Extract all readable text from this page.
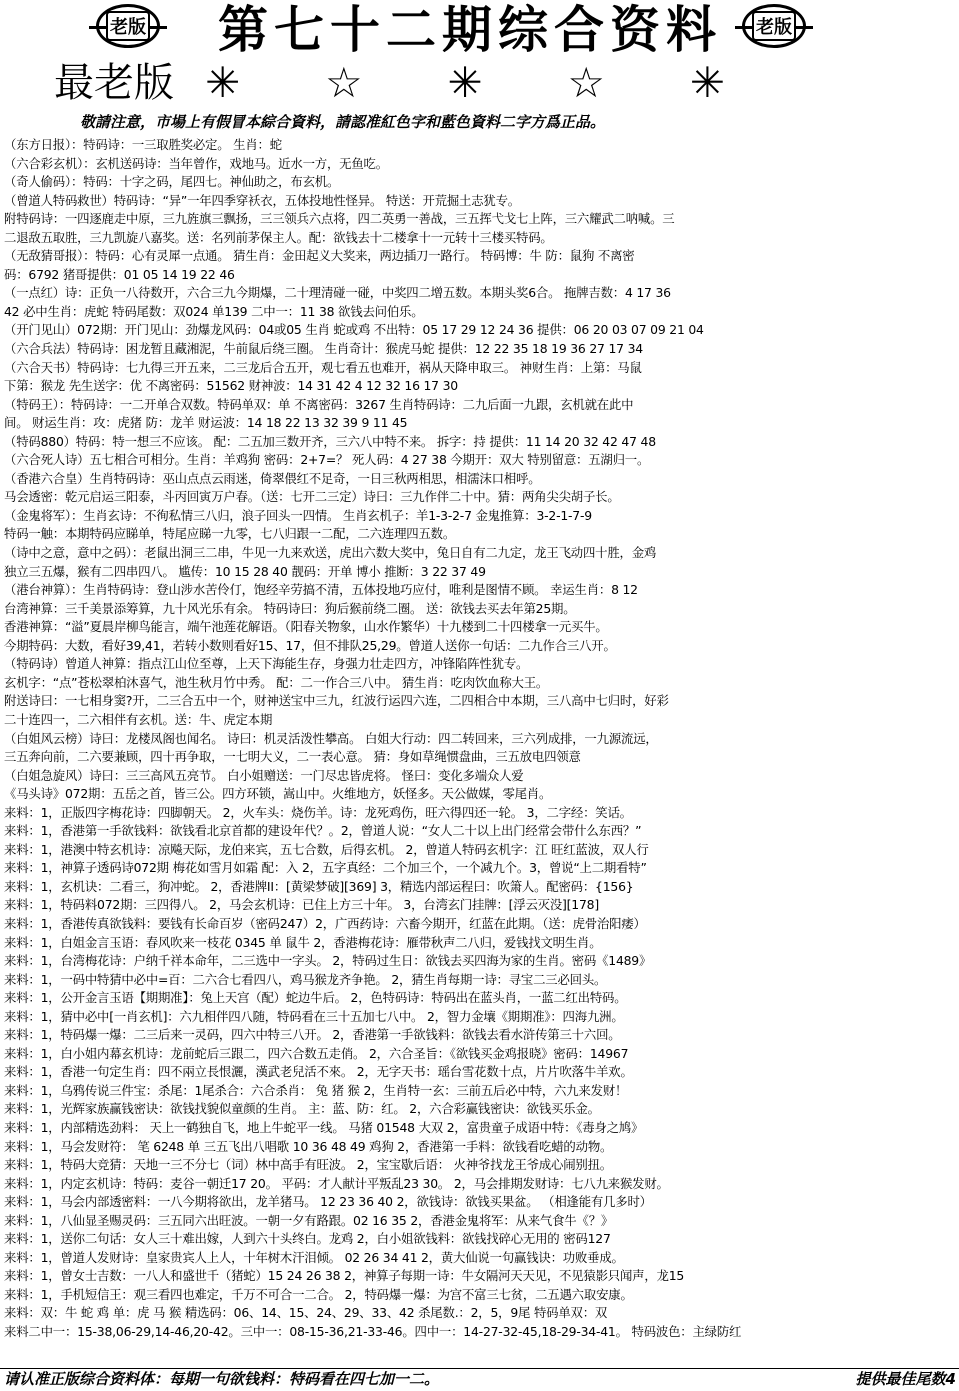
老版	第七十二期综合资料	老版
最老版 ✳ ☆ ✳ ☆ ✳
敬請注意，市場上有假冒本綜合資料，請認准紅色字和藍色資料二字方爲正品。
（东方日报）：特码诗：一三取胜奖必定。 生肖：蛇
（六合彩玄机）：玄机送码诗：当年曾作，戏地马。近水一方，无鱼吃。
（奇人偷码）：特码：十字之码，尾四七。神仙助之，布玄机。
（曾道人特码救世）特码诗：“异”一年四季穿袄衣，五体投地性怪异。 特送：开荒掘土志犹专。
附特码诗：一四逐鹿走中原，三九旌旗三飘扬，三三领兵六点将，四二英勇一善战，三五挥弋戈七上阵，三六耀武二呐喊。三
二退敌五取胜，三九凯旋八嘉奖。送：名列前茅保主人。配：欲钱去十二楼拿十一元转十三楼买特码。
（无敌猜哥报）：特码：心有灵犀一点通。 猜生肖：金田起义大奖来，两边插刀一路行。 特码博：牛 防：鼠狗 不离密
码：6792 猪哥提供：01 05 14 19 22 46
（一点红）诗：正负一八待数开，六合三九今期爆，二十理清碰一碰，中奖四二增五数。本期头奖6合。 拖牌吉数：4 17 36
42 必中生肖：虎蛇 特码尾数：双024 单139 二中一：11 38 欲钱去问伯乐。
（开门见山）072期：开门见山：劲爆龙风码：04或05 生肖 蛇或鸡 不出特：05 17 29 12 24 36 提供：06 20 03 07 09 21 04
（六合兵法）特码诗：困龙暂且藏湘泥，牛前鼠后绕三圈。 生肖奇计：猴虎马蛇 提供：12 22 35 18 19 36 27 17 34
（六合天书）特码诗：七九得三开五来，二三龙后合五开，观七看五也难开，祸从天降申取三。 神财生肖：上第：马鼠
下第：猴龙 先生送字：优 不离密码：51562 财神波：14 31 42 4 12 32 16 17 30
（特码王）：特码诗：一二开单合双数。特码单双：单 不离密码：3267 生肖特码诗：二九后面一九跟，玄机就在此中
间。 财运生肖：攻：虎猪 防：龙羊 财运波：14 18 22 13 32 39 9 11 45
（特码880）特码：特一想三不应该。 配：二五加三数开齐，三六八中特不来。 拆字：持 提供：11 14 20 32 42 47 48
（六合死人诗）五七相合可相分。生肖：羊鸡狗 密码：2+7=？ 死人码：4 27 38 今期开：双大 特别留意：五湖归一。
（香港六合皇）生肖特码诗：巫山点点云雨迷，倚翠偎红不足奇，一日三秋两相思，相濡沫口相呼。
马会透密：乾元启运三阳泰，斗丙回寅万户春。（送：七开二三定）诗曰：三九作伴二十中。猜：两角尖尖胡子长。
（金鬼将军）：生肖玄诗：不徇私情三八归，浪子回头一四情。 生肖玄机子：羊1-3-2-7 金鬼推算：3-2-1-7-9
特码一触：本期特码应睇单，特尾应睇一九零，七八归跟一二配，二六连理四五数。
（诗中之意，意中之码）：老鼠出洞三二串，牛见一九来欢送，虎出六数大奖中，兔日自有二九定，龙王飞动四十胜，金鸡
独立三五爆，猴有二四串四八。 尴传：10 15 28 40 靓码：开单 博小 推断：3 22 37 49
（港台神算）：生肖特码诗：登山涉水苦伶仃，饱经辛劳搞不清，五体投地巧应付，唯利是图情不顾。 幸运生肖：8 12
台湾神算：三千美景添筹算，九十风光乐有余。 特码诗曰：狗后猴前绕二圈。 送：欲钱去买去年第25期。
香港神算：“溢”夏晨岸柳鸟能言，端午池莲花解语。（阳春关物象，山水作繁华）十九楼到二十四楼拿一元买牛。
今期特码：大数，看好39,41，若转小数则看好15、17，但不排队25,29。曾道人送你一句话：二九作合三八开。
（特码诗）曾道人神算：指点江山位至尊，上天下海能生存，身强力壮走四方，冲锋陷阵性犹专。
玄机字：“点”苍松翠柏沐喜气，池生秋月竹中秀。 配：二一作合三八中。 猜生肖：吃肉饮血称大王。
附送诗曰：一七相身窦?开，二三合五中一个，财神送宝中三九，红波行运四六连，二四相合中本期，三八高中七归时，好彩
二十连四一，二六相伴有玄机。送：牛、虎定本期
（白姐风云榜）诗曰：龙楼凤阁也闻名。 诗曰：机灵活泼性攀高。 白姐大行动：四二转回来，三六列成排，一九源流远，
三五奔向前，二六要兼顾，四十再争取，一七明大义，二一表心意。 猜：身如草绳惯盘曲，三五放电四领意
（白姐急旋风）诗曰：三三高风五亮节。 白小姐赠送：一门尽忠皆虎将。 怪曰：变化多端众人爱
《马头诗》072期：五岳之首，皆三公。四方环锁，嵩山中。火维地方，妖怪多。天公做媒，零尾肖。
来料：1，正版四字梅花诗：四脚朝天。 2，火车头：烧伤羊。诗：龙死鸡伤，旺六得四还一轮。 3，二字经：笑话。
来料：1，香港第一手欲钱料：欲钱看北京首都的建设年代？。2，曾道人说：“女人二十以上出门经常会带什么东西？”
来料：1，港澳中特玄机诗：凉飚天际，龙伯来宾，五七合数，后得玄机。 2，曾道人特码玄机字：江 旺红蓝波，双人行
来料：1，神算子透码诗072期 梅花如雪月如霜 配：入 2，五字真经：二个加三个，一个减九个。3，曾说“上二期看特”
来料：1，玄机诀：二看三，狗冲蛇。 2，香港牌II：[黄梁梦破][369] 3，精选内部运程曰：吹箫人。配密码：{156}
来料：1，特码料072期：三四得八。 2，马会玄机诗：已住上方三十年。 3，台湾玄门挂牌：[浮云灭没][178]
来料：1，香港传真欲钱料：要钱有长命百岁（密码247）2，广西药诗：六畜今期开，红蓝在此期。（送：虎骨治阳痿）
来料：1，白姐金言玉语：春风吹来一枝花 0345 单 鼠牛 2，香港梅花诗：雁带秋声二八归，爱钱找文明生肖。
来料：1，台湾梅花诗：户纳千祥本命年，二三选中一字头。 2，特码过生日：欲钱去买四海为家的生肖。密码《1489》
来料：1，一码中特猜中必中=百：二六合七看四八，鸡马猴龙齐争艳。 2，猜生肖每期一诗：寻宝二三必回头。
来料：1，公开金言玉语【期期准】：兔上天宫（配）蛇边牛后。 2，色特码诗：特码出在蓝头肖，一蓝二红出特码。
来料：1，猜中必中[一肖玄机]：六九相伴四八随，特码看在三十五加七八中。 2，智力金壤《期期准》：四海九洲。
来料：1，特码爆一爆：二三后来一灵码，四六中特三八开。 2，香港第一手欲钱料：欲钱去看水浒传第三十六回。
来料：1，白小姐内幕玄机诗：龙前蛇后三跟二，四六合数五走俏。 2，六合圣旨：《欲钱买金鸡报晓》密码：14967
来料：1，香港一句定生肖：四不兩立長恨灑，漢武老兒活不來。 2，无字天书：瑶台雪花数十点，片片吹落牛羊欢。
来料：1，乌鸦传说三件宝：杀尾：1尾杀合：六合杀肖： 兔 猪 猴 2，生肖特一玄：三前五后必中特，六九来发财！
来料：1，光辉家族赢钱密诀：欲钱找貌似童颜的生肖。 主：蓝、防：红。 2，六合彩赢钱密诀：欲钱买乐金。
来料：1，内部精选劲料： 天上一鹤独自飞，地上牛蛇平一线。 马猪 01548 大双 2，富贵童子成语中特：《毒身之鸠》
来料：1，马会发财符： 笔 6248 单 三五飞出八唱歌 10 36 48 49 鸡狗 2，香港第一手料：欲钱看吃蜡的动物。
来料：1，特码大竞猜：天地一三不分七（词）林中高手有旺波。 2，宝宝歇后语： 火神爷找龙王爷成心闹别扭。
来料：1，内定玄机诗：特码：麦谷一朝迁17 20。 平码：才人献计平叛乱23 30。 2，马会排期发财诗：七八九来猴发财。
来料：1，马会内部透密料：一八今期将欲出，龙羊猪马。 12 23 36 40 2，欲钱诗：欲钱买果盆。 （相逢能有几多时）
来料：1，八仙显圣赐灵码：三五同六出旺波。一朝一夕有路跟。02 16 35 2，香港金鬼将军：从来气食牛《？》
来料：1，送你二句话：女人三十难出嫁，人到六十头终白。龙鸡 2，白小姐欲钱料：欲钱找碎心无用的 密码127
来料：1，曾道人发财诗：皇家贵宾人上人，十年树木汗泪倾。 02 26 34 41 2，黄大仙说一句赢钱诀：功败垂成。
来料：1，曾女士吉数：一八人和盛世千（猪蛇）15 24 26 38 2，神算子每期一诗：牛女隔河天天见，不见猿影只闻声，龙15
来料：1，手机短信王：观三看四也难定，千万不可合一二合。 2，特码爆一爆：为宫不富三七贫，二五遇六取安康。
来料：双：牛 蛇 鸡 单：虎 马 猴 精选码：06、14、15、24、29、33、42 杀尾数.：2，5，9尾 特码单双：双
来料二中一：15-38,06-29,14-46,20-42。三中一：08-15-36,21-33-46。四中一：14-27-32-45,18-29-34-41。 特码波色：主绿防红
请认准正版综合资料体：每期一句欲钱料：特码看在四七加一二。	提供最佳尾数4
